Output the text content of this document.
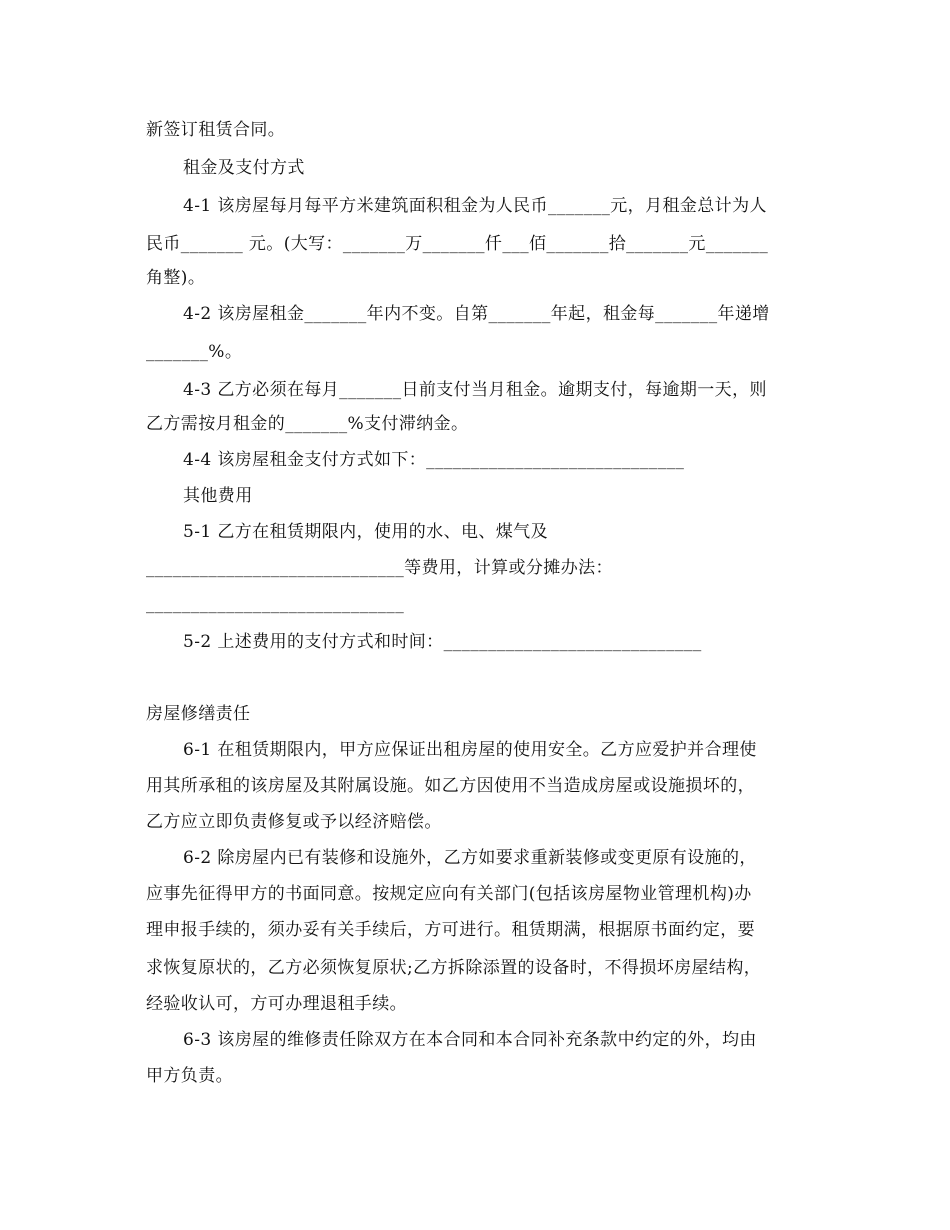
新签订租赁合同。
租金及支付方式
4-1 该房屋每月每平方米建筑面积租金为人民币_______元，月租金总计为人
民币_______ 元。(大写：_______万_______仟___佰_______拾_______元_______
角整)。
4-2 该房屋租金_______年内不变。自第_______年起，租金每_______年递增
_______%。
4-3 乙方必须在每月_______日前支付当月租金。逾期支付，每逾期一天，则
乙方需按月租金的_______%支付滞纳金。
4-4 该房屋租金支付方式如下：_____________________________
其他费用
5-1 乙方在租赁期限内，使用的水、电、煤气及
_____________________________等费用，计算或分摊办法：
_____________________________
5-2 上述费用的支付方式和时间：_____________________________
房屋修缮责任
6-1 在租赁期限内，甲方应保证出租房屋的使用安全。乙方应爱护并合理使
用其所承租的该房屋及其附属设施。如乙方因使用不当造成房屋或设施损坏的，
乙方应立即负责修复或予以经济赔偿。
6-2 除房屋内已有装修和设施外，乙方如要求重新装修或变更原有设施的，
应事先征得甲方的书面同意。按规定应向有关部门(包括该房屋物业管理机构)办
理申报手续的，须办妥有关手续后，方可进行。租赁期满，根据原书面约定，要
求恢复原状的，乙方必须恢复原状;乙方拆除添置的设备时，不得损坏房屋结构，
经验收认可，方可办理退租手续。
6-3 该房屋的维修责任除双方在本合同和本合同补充条款中约定的外，均由
甲方负责。
